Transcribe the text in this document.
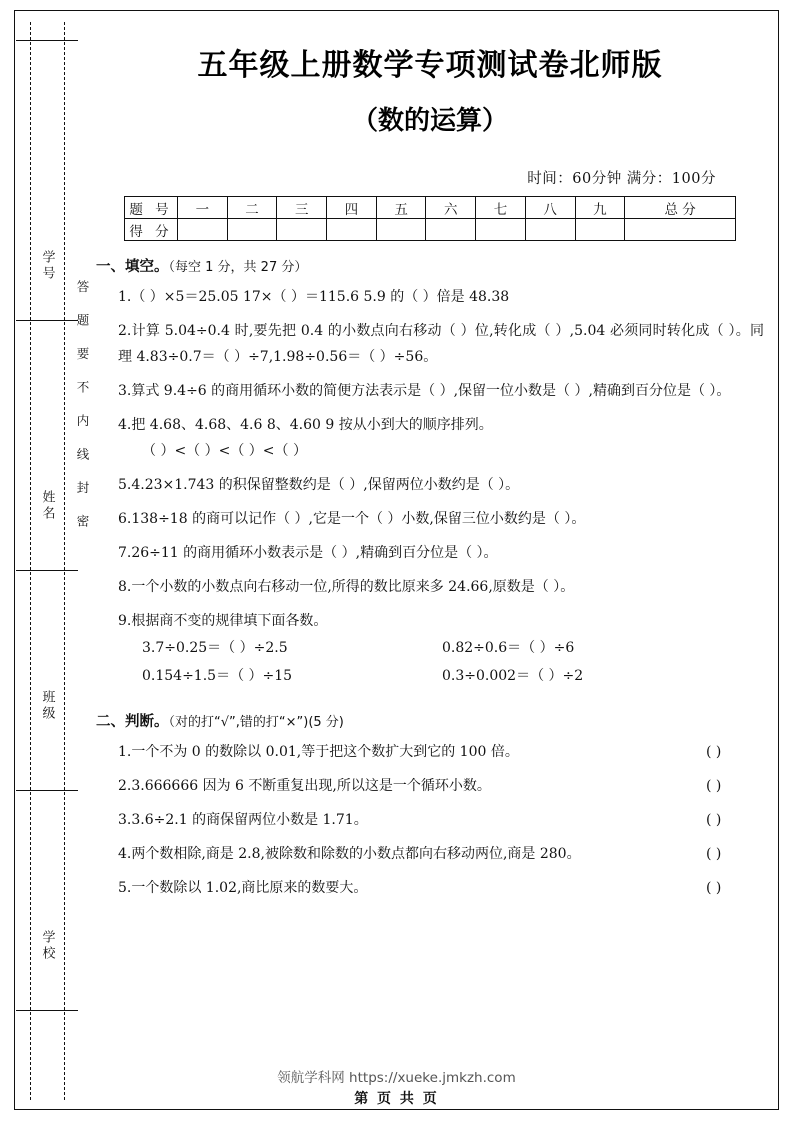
学号
姓名
班级
学校
答 题 要 不 内 线 封 密
五年级上册数学专项测试卷北师版
（数的运算）
时间：60分钟 满分：100分
题 号	一	二	三	四	五	六	七	八	九	总 分
得 分										
一、填空。（每空 1 分，共 27 分）
1.（ ）×5＝25.05 17×（ ）＝115.6 5.9 的（ ）倍是 48.38
2.计算 5.04÷0.4 时,要先把 0.4 的小数点向右移动（ ）位,转化成（ ）,5.04 必须同时转化成（ ）。同理 4.83÷0.7＝（ ）÷7,1.98÷0.56＝（ ）÷56。
3.算式 9.4÷6 的商用循环小数的简便方法表示是（ ）,保留一位小数是（ ）,精确到百分位是（ ）。
4.把 4.68、4.68、4.6 8、4.60 9 按从小到大的顺序排列。
（ ）<（ ）<（ ）<（ ）
5.4.23×1.743 的积保留整数约是（ ）,保留两位小数约是（ ）。
6.138÷18 的商可以记作（ ）,它是一个（ ）小数,保留三位小数约是（ ）。
7.26÷11 的商用循环小数表示是（ ）,精确到百分位是（ ）。
8.一个小数的小数点向右移动一位,所得的数比原来多 24.66,原数是（ ）。
9.根据商不变的规律填下面各数。
3.7÷0.25＝（ ）÷2.5	0.82÷0.6＝（ ）÷6
0.154÷1.5＝（ ）÷15	0.3÷0.002＝（ ）÷2
二、判断。（对的打“√”,错的打“×”)(5 分)
1.一个不为 0 的数除以 0.01,等于把这个数扩大到它的 100 倍。	( )
2.3.666666 因为 6 不断重复出现,所以这是一个循环小数。	( )
3.3.6÷2.1 的商保留两位小数是 1.71。	( )
4.两个数相除,商是 2.8,被除数和除数的小数点都向右移动两位,商是 280。	( )
5.一个数除以 1.02,商比原来的数要大。	( )
领航学科网 https://xueke.jmkzh.com
第 页 共 页
